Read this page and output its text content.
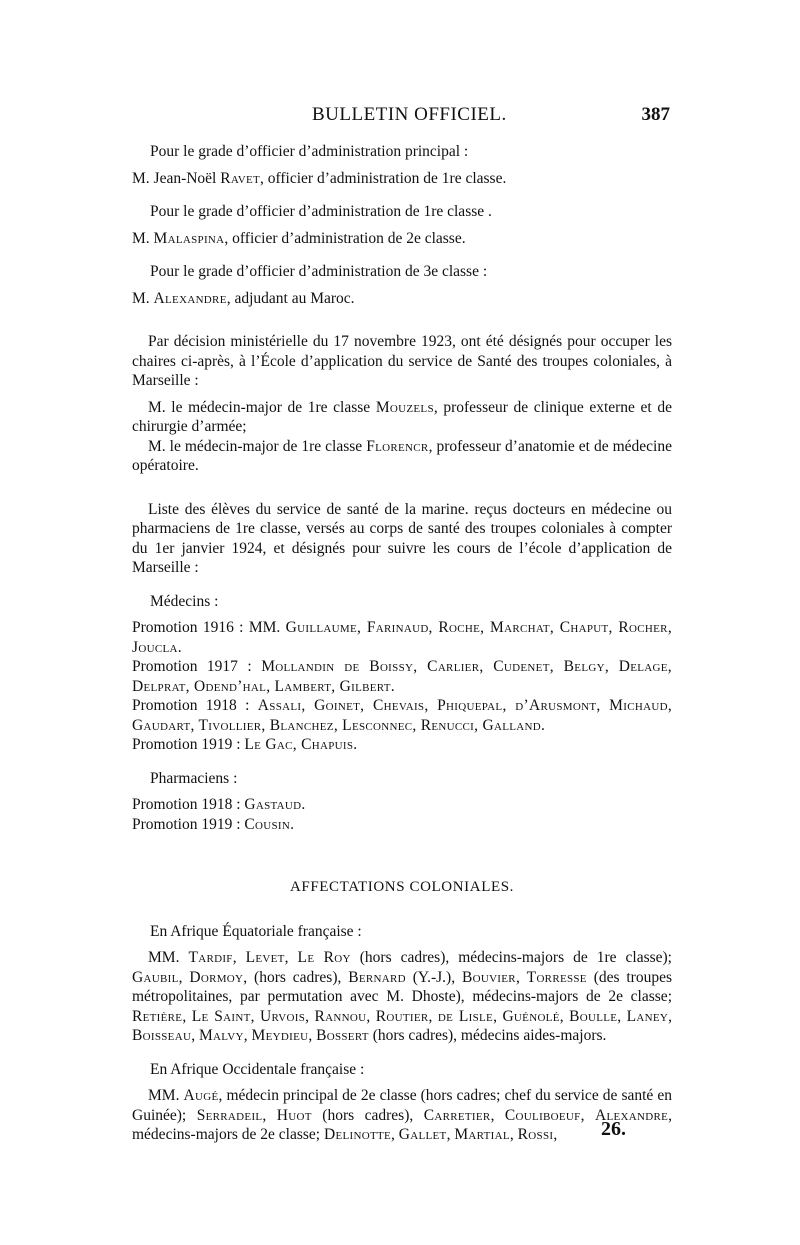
BULLETIN OFFICIEL.	387

Pour le grade d’officier d’administration principal :

M. Jean-Noël Ravet, officier d’administration de 1re classe.

Pour le grade d’officier d’administration de 1re classe .

M. Malaspina, officier d’administration de 2e classe.

Pour le grade d’officier d’administration de 3e classe :

M. Alexandre, adjudant au Maroc.

Par décision ministérielle du 17 novembre 1923, ont été désignés pour occuper les chaires ci-après, à l’École d’application du service de Santé des troupes coloniales, à Marseille :

M. le médecin-major de 1re classe Mouzels, professeur de clinique externe et de chirurgie d’armée;

M. le médecin-major de 1re classe Florencr, professeur d’anatomie et de médecine opératoire.

Liste des élèves du service de santé de la marine. reçus docteurs en médecine ou pharmaciens de 1re classe, versés au corps de santé des troupes coloniales à compter du 1er janvier 1924, et désignés pour suivre les cours de l’école d’application de Marseille :

Médecins :

Promotion 1916 : MM. Guillaume, Farinaud, Roche, Marchat, Chaput, Rocher, Joucla.

Promotion 1917 : Mollandin de Boissy, Carlier, Cudenet, Belgy, Delage, Delprat, Odend’hal, Lambert, Gilbert.

Promotion 1918 : Assali, Goinet, Chevais, Phiquepal, d’Arusmont, Michaud, Gaudart, Tivollier, Blanchez, Lesconnec, Renucci, Galland.

Promotion 1919 : Le Gac, Chapuis.

Pharmaciens :

Promotion 1918 : Gastaud.

Promotion 1919 : Cousin.

AFFECTATIONS COLONIALES.

En Afrique Équatoriale française :

MM. Tardif, Levet, Le Roy (hors cadres), médecins-majors de 1re classe); Gaubil, Dormoy, (hors cadres), Bernard (Y.-J.), Bouvier, Torresse (des troupes métropolitaines, par permutation avec M. Dhoste), médecins-majors de 2e classe; Retière, Le Saint, Urvois, Rannou, Routier, de Lisle, Guénolé, Boulle, Laney, Boisseau, Malvy, Meydieu, Bossert (hors cadres), médecins aides-majors.

En Afrique Occidentale française :

MM. Augé, médecin principal de 2e classe (hors cadres; chef du service de santé en Guinée); Serradeil, Huot (hors cadres), Carretier, Couliboeuf, Alexandre, médecins-majors de 2e classe; Delinotte, Gallet, Martial, Rossi,	26.
